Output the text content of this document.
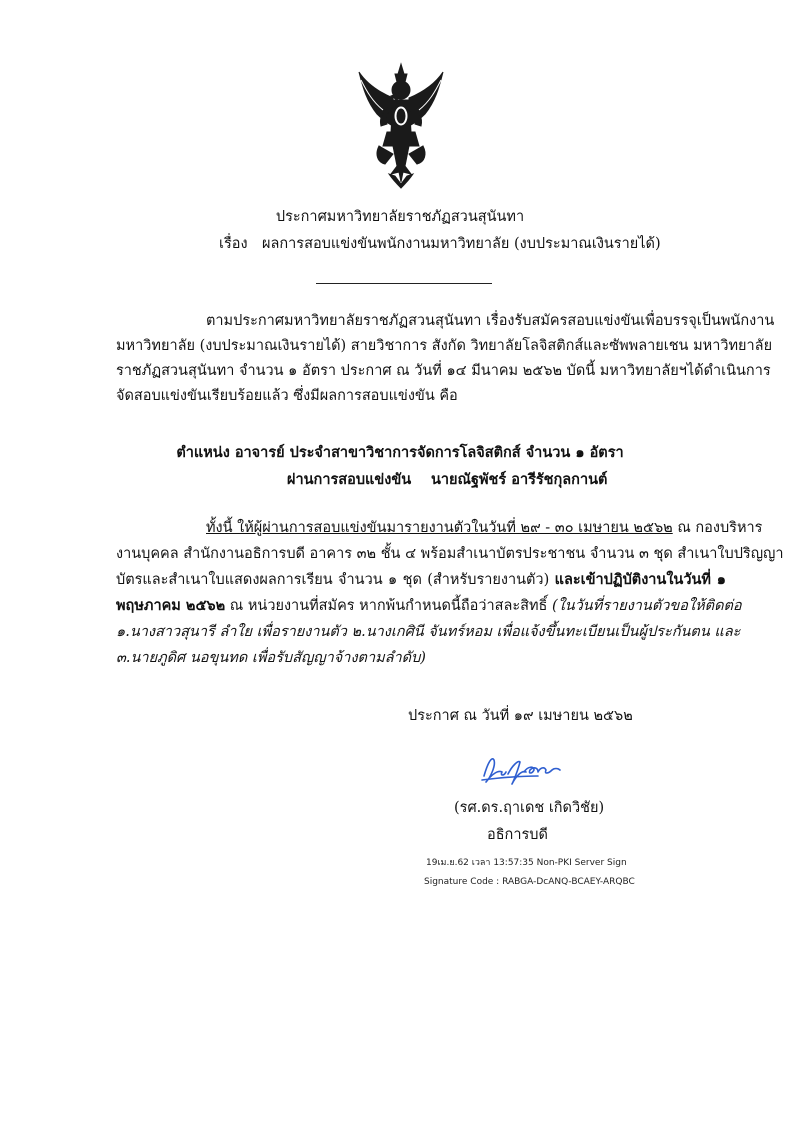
ประกาศมหาวิทยาลัยราชภัฏสวนสุนันทา
เรื่อง ผลการสอบแข่งขันพนักงานมหาวิทยาลัย (งบประมาณเงินรายได้)
ตามประกาศมหาวิทยาลัยราชภัฏสวนสุนันทา เรื่องรับสมัครสอบแข่งขันเพื่อบรรจุเป็นพนักงาน
มหาวิทยาลัย (งบประมาณเงินรายได้) สายวิชาการ สังกัด วิทยาลัยโลจิสติกส์และซัพพลายเชน มหาวิทยาลัย
ราชภัฏสวนสุนันทา จำนวน ๑ อัตรา ประกาศ ณ วันที่ ๑๔ มีนาคม ๒๕๖๒ บัดนี้ มหาวิทยาลัยฯได้ดำเนินการ
จัดสอบแข่งขันเรียบร้อยแล้ว ซึ่งมีผลการสอบแข่งขัน คือ
ตำแหน่ง อาจารย์ ประจำสาขาวิชาการจัดการโลจิสติกส์ จำนวน ๑ อัตรา
ผ่านการสอบแข่งขัน นายณัฐพัชร์ อารีรัชกุลกานต์
ทั้งนี้ ให้ผู้ผ่านการสอบแข่งขันมารายงานตัวในวันที่ ๒๙ - ๓๐ เมษายน ๒๕๖๒ ณ กองบริหาร
งานบุคคล สำนักงานอธิการบดี อาคาร ๓๒ ชั้น ๔ พร้อมสำเนาบัตรประชาชน จำนวน ๓ ชุด สำเนาใบปริญญา
บัตรและสำเนาใบแสดงผลการเรียน จำนวน ๑ ชุด (สำหรับรายงานตัว) และเข้าปฏิบัติงานในวันที่ ๑
พฤษภาคม ๒๕๖๒ ณ หน่วยงานที่สมัคร หากพ้นกำหนดนี้ถือว่าสละสิทธิ์ (ในวันที่รายงานตัวขอให้ติดต่อ
๑.นางสาวสุนารี ลำใย เพื่อรายงานตัว ๒.นางเกศินี จันทร์หอม เพื่อแจ้งขึ้นทะเบียนเป็นผู้ประกันตน และ
๓.นายภูดิศ นอขุนทด เพื่อรับสัญญาจ้างตามลำดับ)
ประกาศ ณ วันที่ ๑๙ เมษายน ๒๕๖๒
(รศ.ดร.ฤาเดช เกิดวิชัย)
อธิการบดี
19เม.ย.62 เวลา 13:57:35 Non-PKI Server Sign
Signature Code : RABGA-DcANQ-BCAEY-ARQBC
